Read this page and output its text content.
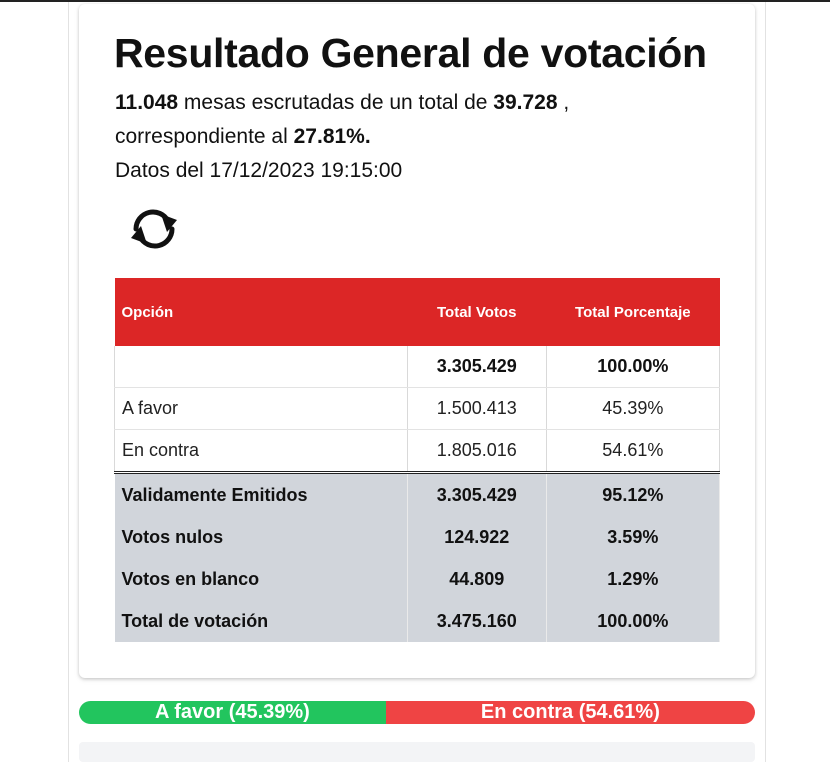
Resultado General de votación
11.048 mesas escrutadas de un total de 39.728 ,
correspondiente al 27.81%.
Datos del 17/12/2023 19:15:00
Opción	Total Votos	Total Porcentaje
	3.305.429	100.00%
A favor	1.500.413	45.39%
En contra	1.805.016	54.61%
Validamente Emitidos	3.305.429	95.12%
Votos nulos	124.922	3.59%
Votos en blanco	44.809	1.29%
Total de votación	3.475.160	100.00%
A favor (45.39%)	En contra (54.61%)
